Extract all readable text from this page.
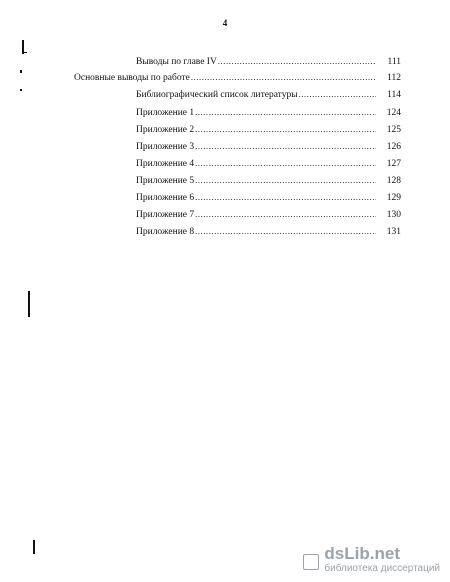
4
Выводы по главе IV .....	111
Основные выводы по работе .....	112
Библиографический список литературы .....	114
Приложение 1 .....	124
Приложение 2 .....	125
Приложение 3 .....	126
Приложение 4 .....	127
Приложение 5 .....	128
Приложение 6 .....	129
Приложение 7 .....	130
Приложение 8 .....	131
dsLib.net
библиотека диссертаций
